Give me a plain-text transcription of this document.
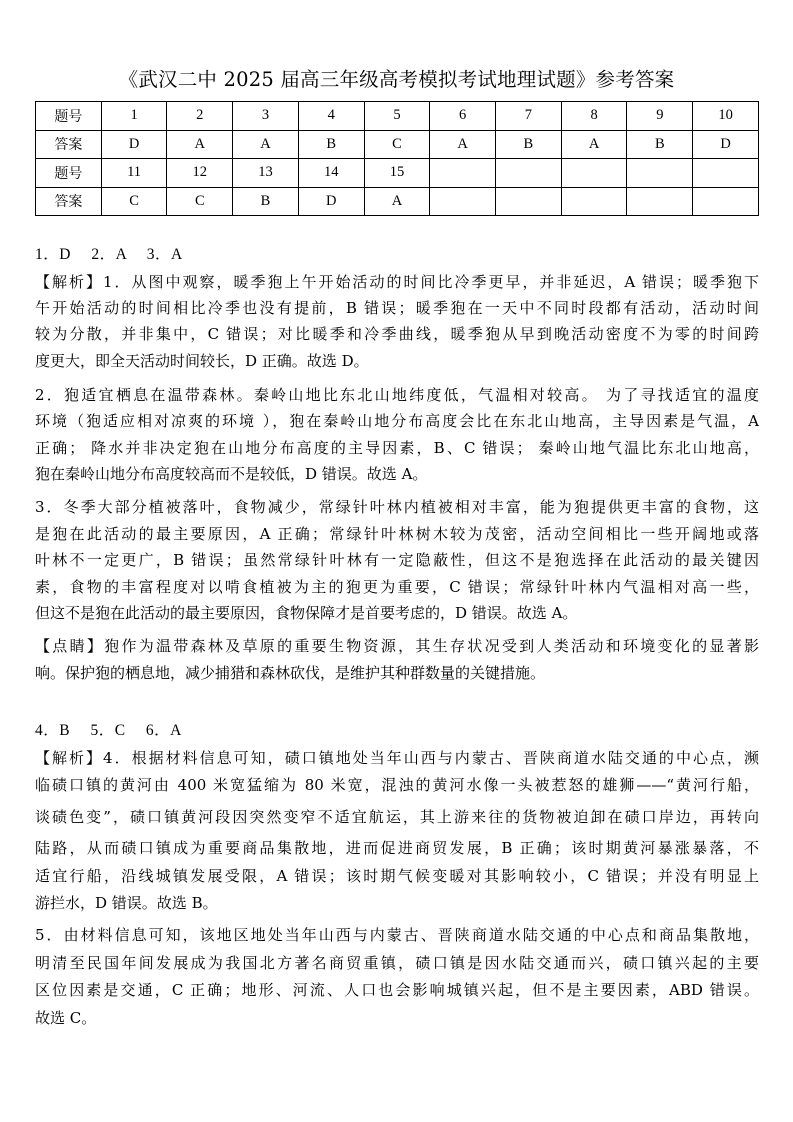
《武汉二中 2025 届高三年级高考模拟考试地理试题》参考答案
题号	1	2	3	4	5	6	7	8	9	10
答案	D	A	A	B	C	A	B	A	B	D
题号	11	12	13	14	15					
答案	C	C	B	D	A					
1．D　 2．A　 3．A
【解析】1．从图中观察，暖季狍上午开始活动的时间比冷季更早，并非延迟，A 错误；暖季狍下
午开始活动的时间相比冷季也没有提前，B 错误；暖季狍在一天中不同时段都有活动，活动时间
较为分散，并非集中，C 错误；对比暖季和冷季曲线，暖季狍从早到晚活动密度不为零的时间跨
度更大，即全天活动时间较长，D 正确。故选 D。
2．狍适宜栖息在温带森林。秦岭山地比东北山地纬度低，气温相对较高。 为了寻找适宜的温度
环境（狍适应相对凉爽的环境 ），狍在秦岭山地分布高度会比在东北山地高，主导因素是气温，A
正确； 降水并非决定狍在山地分布高度的主导因素，B、C 错误； 秦岭山地气温比东北山地高，
狍在秦岭山地分布高度较高而不是较低，D 错误。故选 A。
3．冬季大部分植被落叶，食物减少，常绿针叶林内植被相对丰富，能为狍提供更丰富的食物，这
是狍在此活动的最主要原因，A 正确；常绿针叶林树木较为茂密，活动空间相比一些开阔地或落
叶林不一定更广，B 错误；虽然常绿针叶林有一定隐蔽性，但这不是狍选择在此活动的最关键因
素，食物的丰富程度对以啃食植被为主的狍更为重要，C 错误；常绿针叶林内气温相对高一些，
但这不是狍在此活动的最主要原因，食物保障才是首要考虑的，D 错误。故选 A。
【点睛】狍作为温带森林及草原的重要生物资源，其生存状况受到人类活动和环境变化的显著影
响。保护狍的栖息地，减少捕猎和森林砍伐，是维护其种群数量的关键措施。
4．B　 5．C　 6．A
【解析】4．根据材料信息可知，碛口镇地处当年山西与内蒙古、晋陕商道水陆交通的中心点，濒
临碛口镇的黄河由 400 米宽猛缩为 80 米宽，混浊的黄河水像一头被惹怒的雄狮——“黄河行船，
谈碛色变”，碛口镇黄河段因突然变窄不适宜航运，其上游来往的货物被迫卸在碛口岸边，再转向
陆路，从而碛口镇成为重要商品集散地，进而促进商贸发展，B 正确；该时期黄河暴涨暴落，不
适宜行船，沿线城镇发展受限，A 错误；该时期气候变暖对其影响较小，C 错误；并没有明显上
游拦水，D 错误。故选 B。
5．由材料信息可知，该地区地处当年山西与内蒙古、晋陕商道水陆交通的中心点和商品集散地，
明清至民国年间发展成为我国北方著名商贸重镇，碛口镇是因水陆交通而兴，碛口镇兴起的主要
区位因素是交通，C 正确；地形、河流、人口也会影响城镇兴起，但不是主要因素，ABD 错误。
故选 C。
